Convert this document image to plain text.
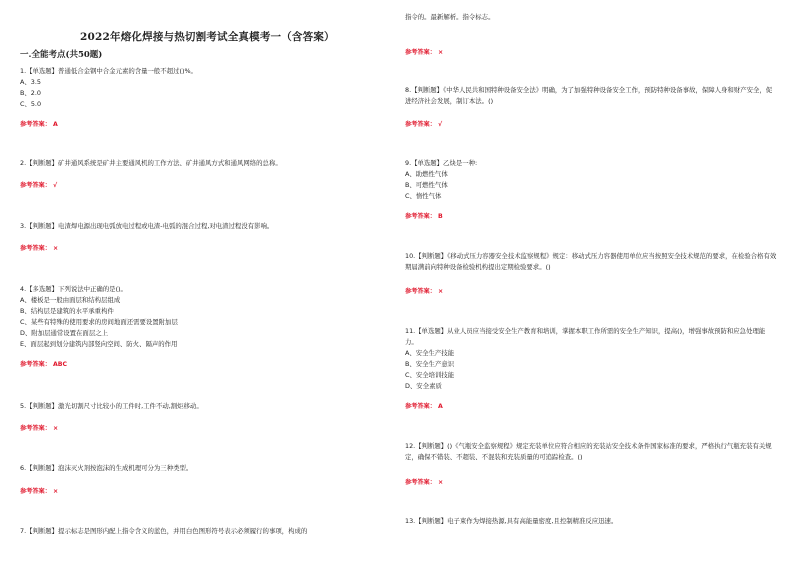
2022年熔化焊接与热切割考试全真模考一（含答案）
一.全能考点(共50题)
1.【单选题】普通低合金钢中合金元素的含量一般不超过()%。
A、3.5
B、2.0
C、5.0
参考答案： A
2.【判断题】矿井通风系统是矿井主要通风机的工作方法、矿井通风方式和通风网络的总称。
参考答案： √
3.【判断题】电渣焊电源出现电弧放电过程或电渣-电弧的混合过程,对电渣过程没有影响。
参考答案： ×
4.【多选题】下列说法中正确的是()。
A、楼板是一般由面层和结构层组成
B、结构层是建筑的水平承重构件
C、某些有特殊的使用要求的房间地面还需要设置附加层
D、附加层通常设置在面层之上
E、面层起到划分建筑内部竖向空间、防火、隔声的作用
参考答案： ABC
5.【判断题】激光切割尺寸比较小的工件时,工件不动,割炬移动。
参考答案： ×
6.【判断题】泡沫灭火剂按泡沫的生成机理可分为三种类型。
参考答案： ×
7.【判断题】提示标志是图形内配上指令含义的蓝色，并用白色图形符号表示必须履行的事项，构成的
指令的。最新解析。指令标志。
参考答案： ×
8.【判断题】《中华人民共和国特种设备安全法》明确，为了加强特种设备安全工作，预防特种设备事故，保障人身和财产安全，促进经济社会发展，制订本法。()
参考答案： √
9.【单选题】乙炔是一种:
A、助燃性气体
B、可燃性气体
C、惰性气体
参考答案： B
10.【判断题】《移动式压力容器安全技术监察规程》规定：移动式压力容器使用单位应当按照安全技术规范的要求，在检验合格有效期届满前向特种设备检验机构提出定期检验要求。()
参考答案： ×
11.【单选题】从业人员应当接受安全生产教育和培训，掌握本职工作所需的安全生产知识，提高()，增强事故预防和应急处理能力。
A、安全生产技能
B、安全生产意识
C、安全培训技能
D、安全素质
参考答案： A
12.【判断题】()《气瓶安全监察规程》规定充装单位应符合相应的充装站安全技术条件国家标准的要求，严格执行气瓶充装有关规定，确保不错装、不超装、不混装和充装质量的可追踪检查。()
参考答案： ×
13.【判断题】电子束作为焊接热源,具有高能量密度,且控制精准反应迅速。
